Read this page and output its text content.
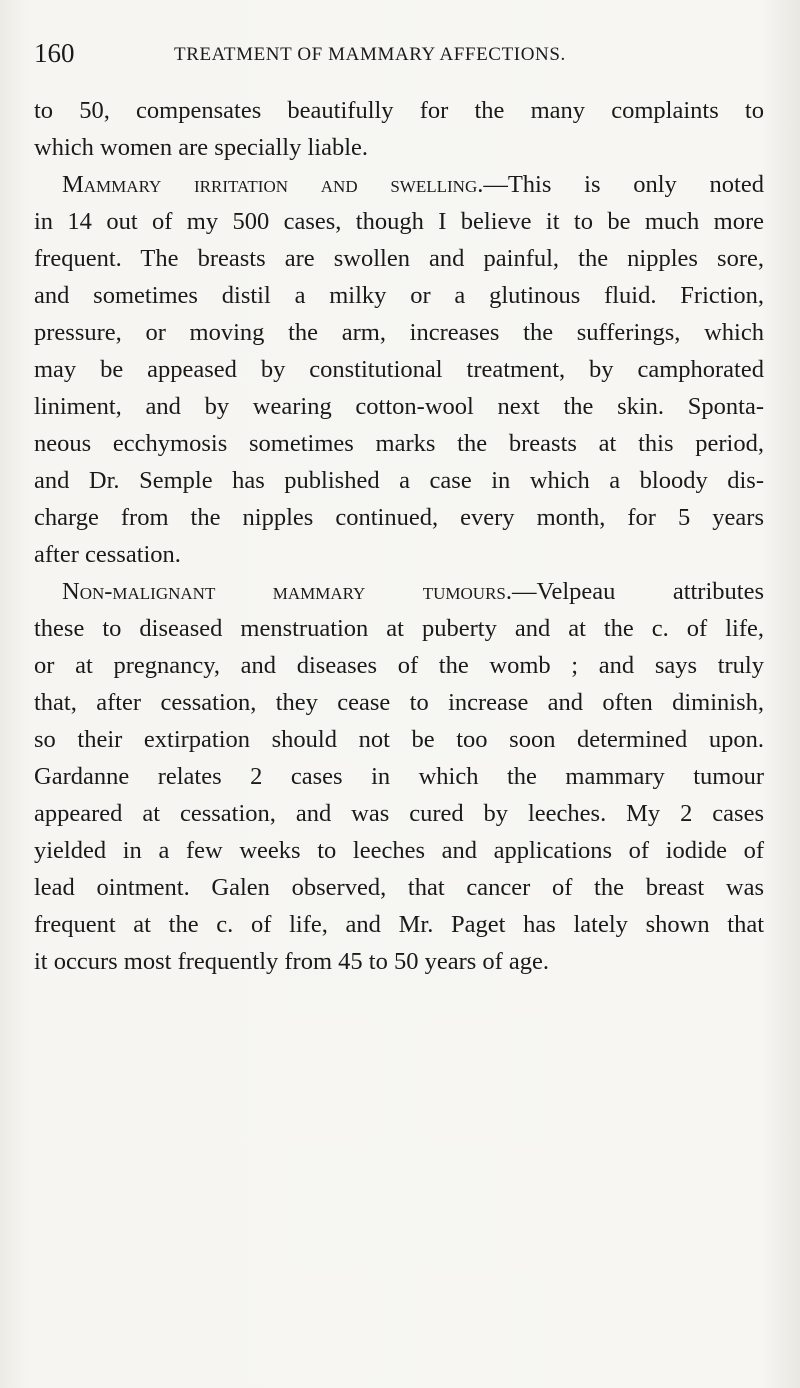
160	TREATMENT OF MAMMARY AFFECTIONS.
to 50, compensates beautifully for the many complaints to
which women are specially liable.
Mammary irritation and swelling.—This is only noted
in 14 out of my 500 cases, though I believe it to be much more
frequent. The breasts are swollen and painful, the nipples sore,
and sometimes distil a milky or a glutinous fluid. Friction,
pressure, or moving the arm, increases the sufferings, which
may be appeased by constitutional treatment, by camphorated
liniment, and by wearing cotton-wool next the skin. Sponta-
neous ecchymosis sometimes marks the breasts at this period,
and Dr. Semple has published a case in which a bloody dis-
charge from the nipples continued, every month, for 5 years
after cessation.
Non-malignant mammary tumours.—Velpeau attributes
these to diseased menstruation at puberty and at the c. of life,
or at pregnancy, and diseases of the womb ; and says truly
that, after cessation, they cease to increase and often diminish,
so their extirpation should not be too soon determined upon.
Gardanne relates 2 cases in which the mammary tumour
appeared at cessation, and was cured by leeches. My 2 cases
yielded in a few weeks to leeches and applications of iodide of
lead ointment. Galen observed, that cancer of the breast was
frequent at the c. of life, and Mr. Paget has lately shown that
it occurs most frequently from 45 to 50 years of age.
